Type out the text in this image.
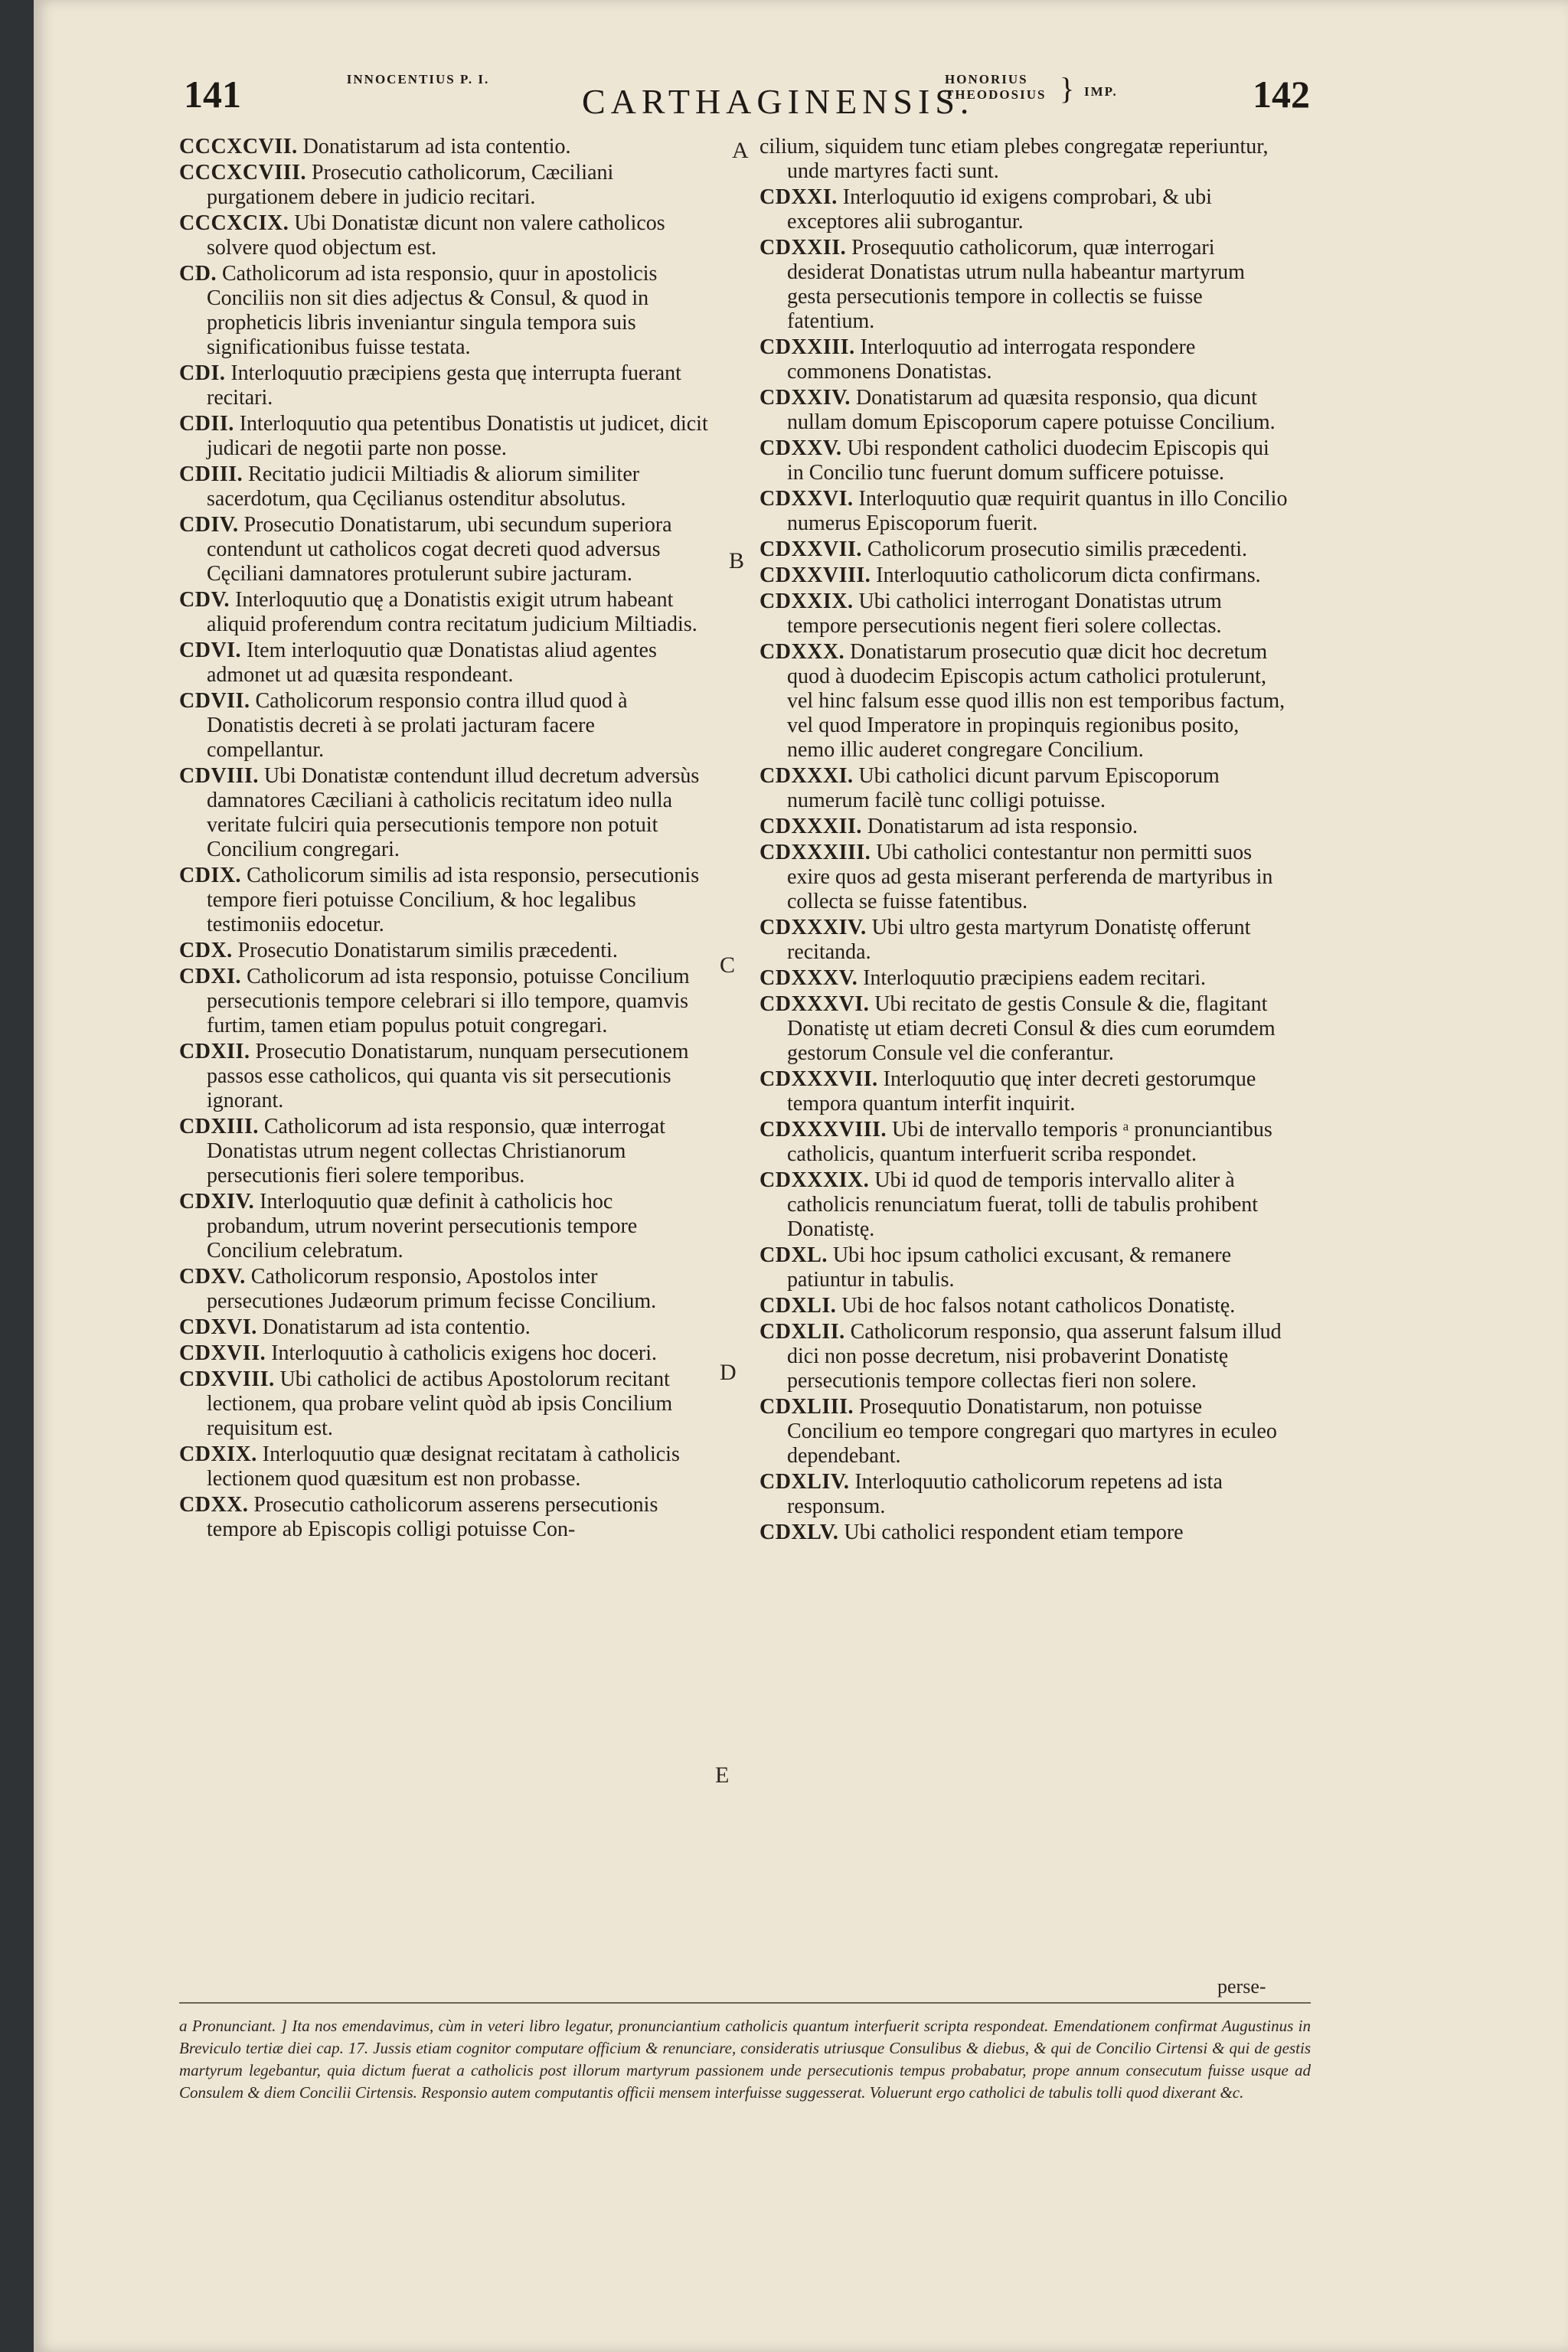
141	INNOCENTIUS P. I.
CARTHAGINENSIS.
HONORIUS
THEODOSIUS } IMP.	142
CCCXCVII. Donatistarum ad ista contentio.
CCCXCVIII. Prosecutio catholicorum, Cæciliani purgationem debere in judicio recitari.
CCCXCIX. Ubi Donatistæ dicunt non valere catholicos solvere quod objectum est.
CD. Catholicorum ad ista responsio, quur in apostolicis Conciliis non sit dies adjectus & Consul, & quod in propheticis libris inveniantur singula tempora suis significationibus fuisse testata.
CDI. Interloquutio præcipiens gesta quę interrupta fuerant recitari.
CDII. Interloquutio qua petentibus Donatistis ut judicet, dicit judicari de negotii parte non posse.
CDIII. Recitatio judicii Miltiadis & aliorum similiter sacerdotum, qua Cęcilianus ostenditur absolutus.
CDIV. Prosecutio Donatistarum, ubi secundum superiora contendunt ut catholicos cogat decreti quod adversus Cęciliani damnatores protulerunt subire jacturam.
CDV. Interloquutio quę a Donatistis exigit utrum habeant aliquid proferendum contra recitatum judicium Miltiadis.
CDVI. Item interloquutio quæ Donatistas aliud agentes admonet ut ad quæsita respondeant.
CDVII. Catholicorum responsio contra illud quod à Donatistis decreti à se prolati jacturam facere compellantur.
CDVIII. Ubi Donatistæ contendunt illud decretum adversùs damnatores Cæciliani à catholicis recitatum ideo nulla veritate fulciri quia persecutionis tempore non potuit Concilium congregari.
CDIX. Catholicorum similis ad ista responsio, persecutionis tempore fieri potuisse Concilium, & hoc legalibus testimoniis edocetur.
CDX. Prosecutio Donatistarum similis præcedenti.
CDXI. Catholicorum ad ista responsio, potuisse Concilium persecutionis tempore celebrari si illo tempore, quamvis furtim, tamen etiam populus potuit congregari.
CDXII. Prosecutio Donatistarum, nunquam persecutionem passos esse catholicos, qui quanta vis sit persecutionis ignorant.
CDXIII. Catholicorum ad ista responsio, quæ interrogat Donatistas utrum negent collectas Christianorum persecutionis fieri solere temporibus.
CDXIV. Interloquutio quæ definit à catholicis hoc probandum, utrum noverint persecutionis tempore Concilium celebratum.
CDXV. Catholicorum responsio, Apostolos inter persecutiones Judæorum primum fecisse Concilium.
CDXVI. Donatistarum ad ista contentio.
CDXVII. Interloquutio à catholicis exigens hoc doceri.
CDXVIII. Ubi catholici de actibus Apostolorum recitant lectionem, qua probare velint quòd ab ipsis Concilium requisitum est.
CDXIX. Interloquutio quæ designat recitatam à catholicis lectionem quod quæsitum est non probasse.
CDXX. Prosecutio catholicorum asserens persecutionis tempore ab Episcopis colligi potuisse Con-
cilium, siquidem tunc etiam plebes congregatæ reperiuntur, unde martyres facti sunt.
CDXXI. Interloquutio id exigens comprobari, & ubi exceptores alii subrogantur.
CDXXII. Prosequutio catholicorum, quæ interrogari desiderat Donatistas utrum nulla habeantur martyrum gesta persecutionis tempore in collectis se fuisse fatentium.
CDXXIII. Interloquutio ad interrogata respondere commonens Donatistas.
CDXXIV. Donatistarum ad quæsita responsio, qua dicunt nullam domum Episcoporum capere potuisse Concilium.
CDXXV. Ubi respondent catholici duodecim Episcopis qui in Concilio tunc fuerunt domum sufficere potuisse.
CDXXVI. Interloquutio quæ requirit quantus in illo Concilio numerus Episcoporum fuerit.
CDXXVII. Catholicorum prosecutio similis præcedenti.
CDXXVIII. Interloquutio catholicorum dicta confirmans.
CDXXIX. Ubi catholici interrogant Donatistas utrum tempore persecutionis negent fieri solere collectas.
CDXXX. Donatistarum prosecutio quæ dicit hoc decretum quod à duodecim Episcopis actum catholici protulerunt, vel hinc falsum esse quod illis non est temporibus factum, vel quod Imperatore in propinquis regionibus posito, nemo illic auderet congregare Concilium.
CDXXXI. Ubi catholici dicunt parvum Episcoporum numerum facilè tunc colligi potuisse.
CDXXXII. Donatistarum ad ista responsio.
CDXXXIII. Ubi catholici contestantur non permitti suos exire quos ad gesta miserant perferenda de martyribus in collecta se fuisse fatentibus.
CDXXXIV. Ubi ultro gesta martyrum Donatistę offerunt recitanda.
CDXXXV. Interloquutio præcipiens eadem recitari.
CDXXXVI. Ubi recitato de gestis Consule & die, flagitant Donatistę ut etiam decreti Consul & dies cum eorumdem gestorum Consule vel die conferantur.
CDXXXVII. Interloquutio quę inter decreti gestorumque tempora quantum interfit inquirit.
CDXXXVIII. Ubi de intervallo temporis ᵃ pronunciantibus catholicis, quantum interfuerit scriba respondet.
CDXXXIX. Ubi id quod de temporis intervallo aliter à catholicis renunciatum fuerat, tolli de tabulis prohibent Donatistę.
CDXL. Ubi hoc ipsum catholici excusant, & remanere patiuntur in tabulis.
CDXLI. Ubi de hoc falsos notant catholicos Donatistę.
CDXLII. Catholicorum responsio, qua asserunt falsum illud dici non posse decretum, nisi probaverint Donatistę persecutionis tempore collectas fieri non solere.
CDXLIII. Prosequutio Donatistarum, non potuisse Concilium eo tempore congregari quo martyres in eculeo dependebant.
CDXLIV. Interloquutio catholicorum repetens ad ista responsum.
CDXLV. Ubi catholici respondent etiam tempore
A
B
C
D
E
perse-
a Pronunciant. ] Ita nos emendavimus, cùm in veteri libro legatur, pronunciantium catholicis quantum interfuerit scripta respondeat. Emendationem confirmat Augustinus in Breviculo tertiæ diei cap. 17. Jussis etiam cognitor computare officium & renunciare, consideratis utriusque Consulibus & diebus, & qui de Concilio Cirtensi & qui de gestis martyrum legebantur, quia dictum fuerat a catholicis post illorum martyrum passionem unde persecutionis tempus probabatur, prope annum consecutum fuisse usque ad Consulem & diem Concilii Cirtensis. Responsio autem computantis officii mensem interfuisse suggesserat. Voluerunt ergo catholici de tabulis tolli quod dixerant &c.
